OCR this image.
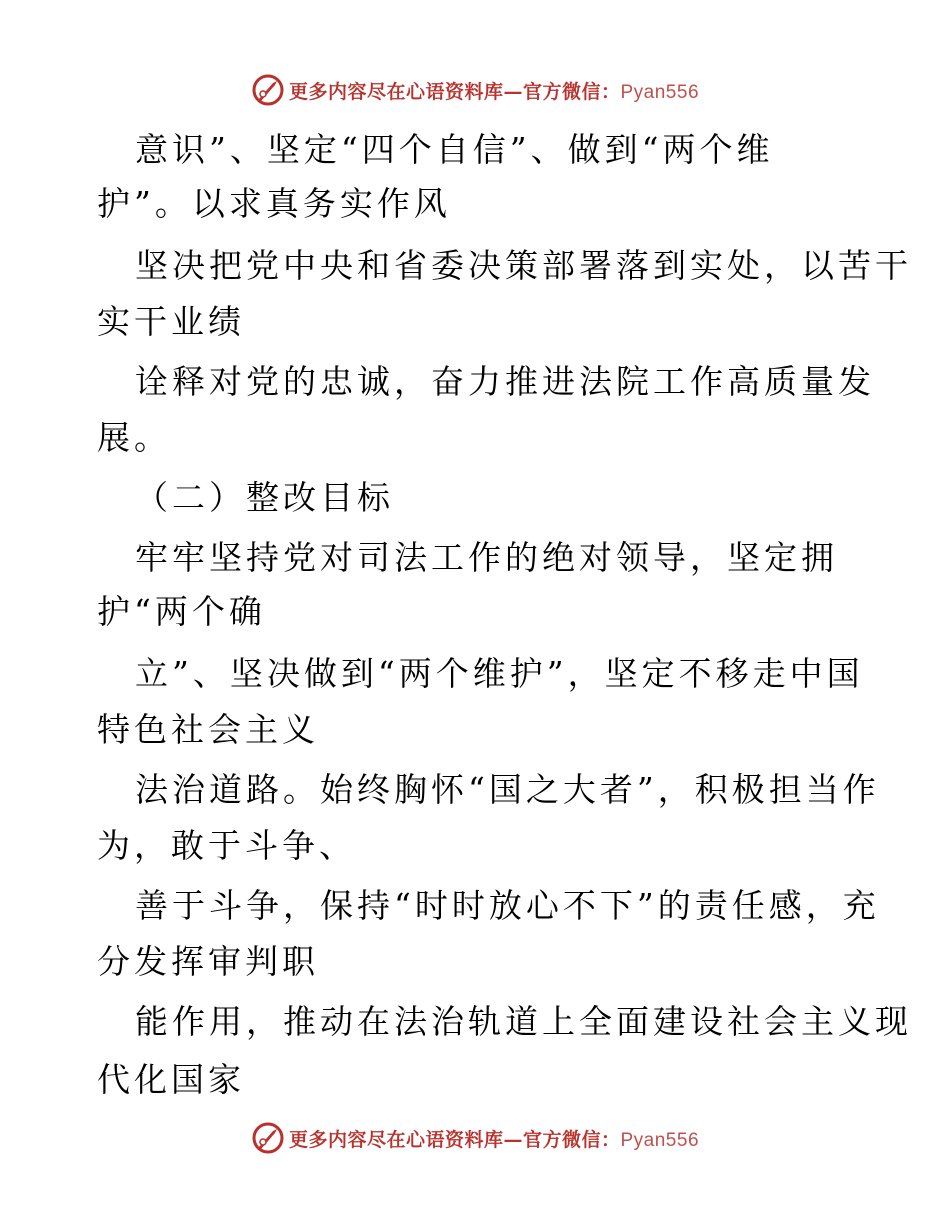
更多内容尽在心语资料库—官方微信：Pyan556
意识”、坚定“四个自信”、做到“两个维
护”。以求真务实作风
坚决把党中央和省委决策部署落到实处，以苦干
实干业绩
诠释对党的忠诚，奋力推进法院工作高质量发
展。
（二）整改目标
牢牢坚持党对司法工作的绝对领导，坚定拥
护“两个确
立”、坚决做到“两个维护”，坚定不移走中国
特色社会主义
法治道路。始终胸怀“国之大者”，积极担当作
为，敢于斗争、
善于斗争，保持“时时放心不下”的责任感，充
分发挥审判职
能作用，推动在法治轨道上全面建设社会主义现
代化国家
更多内容尽在心语资料库—官方微信：Pyan556
